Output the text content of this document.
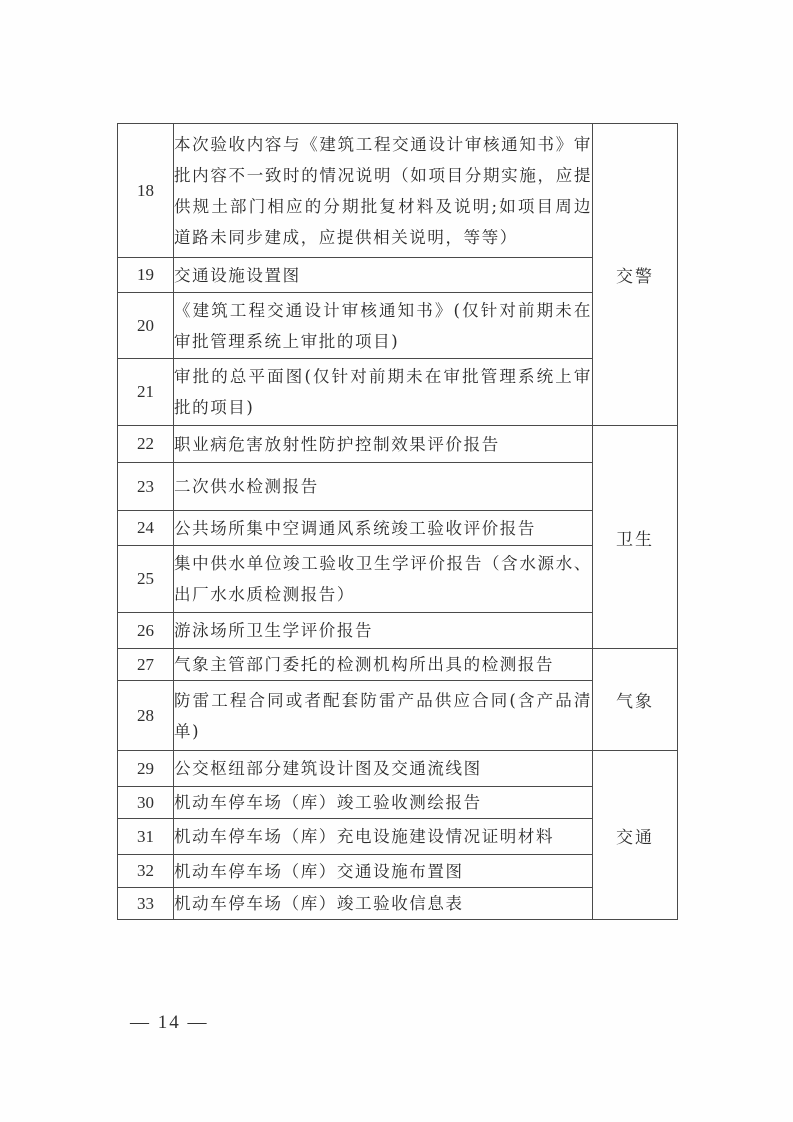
18	本次验收内容与《建筑工程交通设计审核通知书》审批内容不一致时的情况说明（如项目分期实施，应提供规土部门相应的分期批复材料及说明;如项目周边道路未同步建成，应提供相关说明，等等）	交警
19	交通设施设置图	
20	《建筑工程交通设计审核通知书》(仅针对前期未在审批管理系统上审批的项目)	
21	审批的总平面图(仅针对前期未在审批管理系统上审批的项目)	
22	职业病危害放射性防护控制效果评价报告	卫生
23	二次供水检测报告	
24	公共场所集中空调通风系统竣工验收评价报告	
25	集中供水单位竣工验收卫生学评价报告（含水源水、出厂水水质检测报告）	
26	游泳场所卫生学评价报告	
27	气象主管部门委托的检测机构所出具的检测报告	气象
28	防雷工程合同或者配套防雷产品供应合同(含产品清单)	
29	公交枢纽部分建筑设计图及交通流线图	交通
30	机动车停车场（库）竣工验收测绘报告	
31	机动车停车场（库）充电设施建设情况证明材料	
32	机动车停车场（库）交通设施布置图	
33	机动车停车场（库）竣工验收信息表	
— 14 —
